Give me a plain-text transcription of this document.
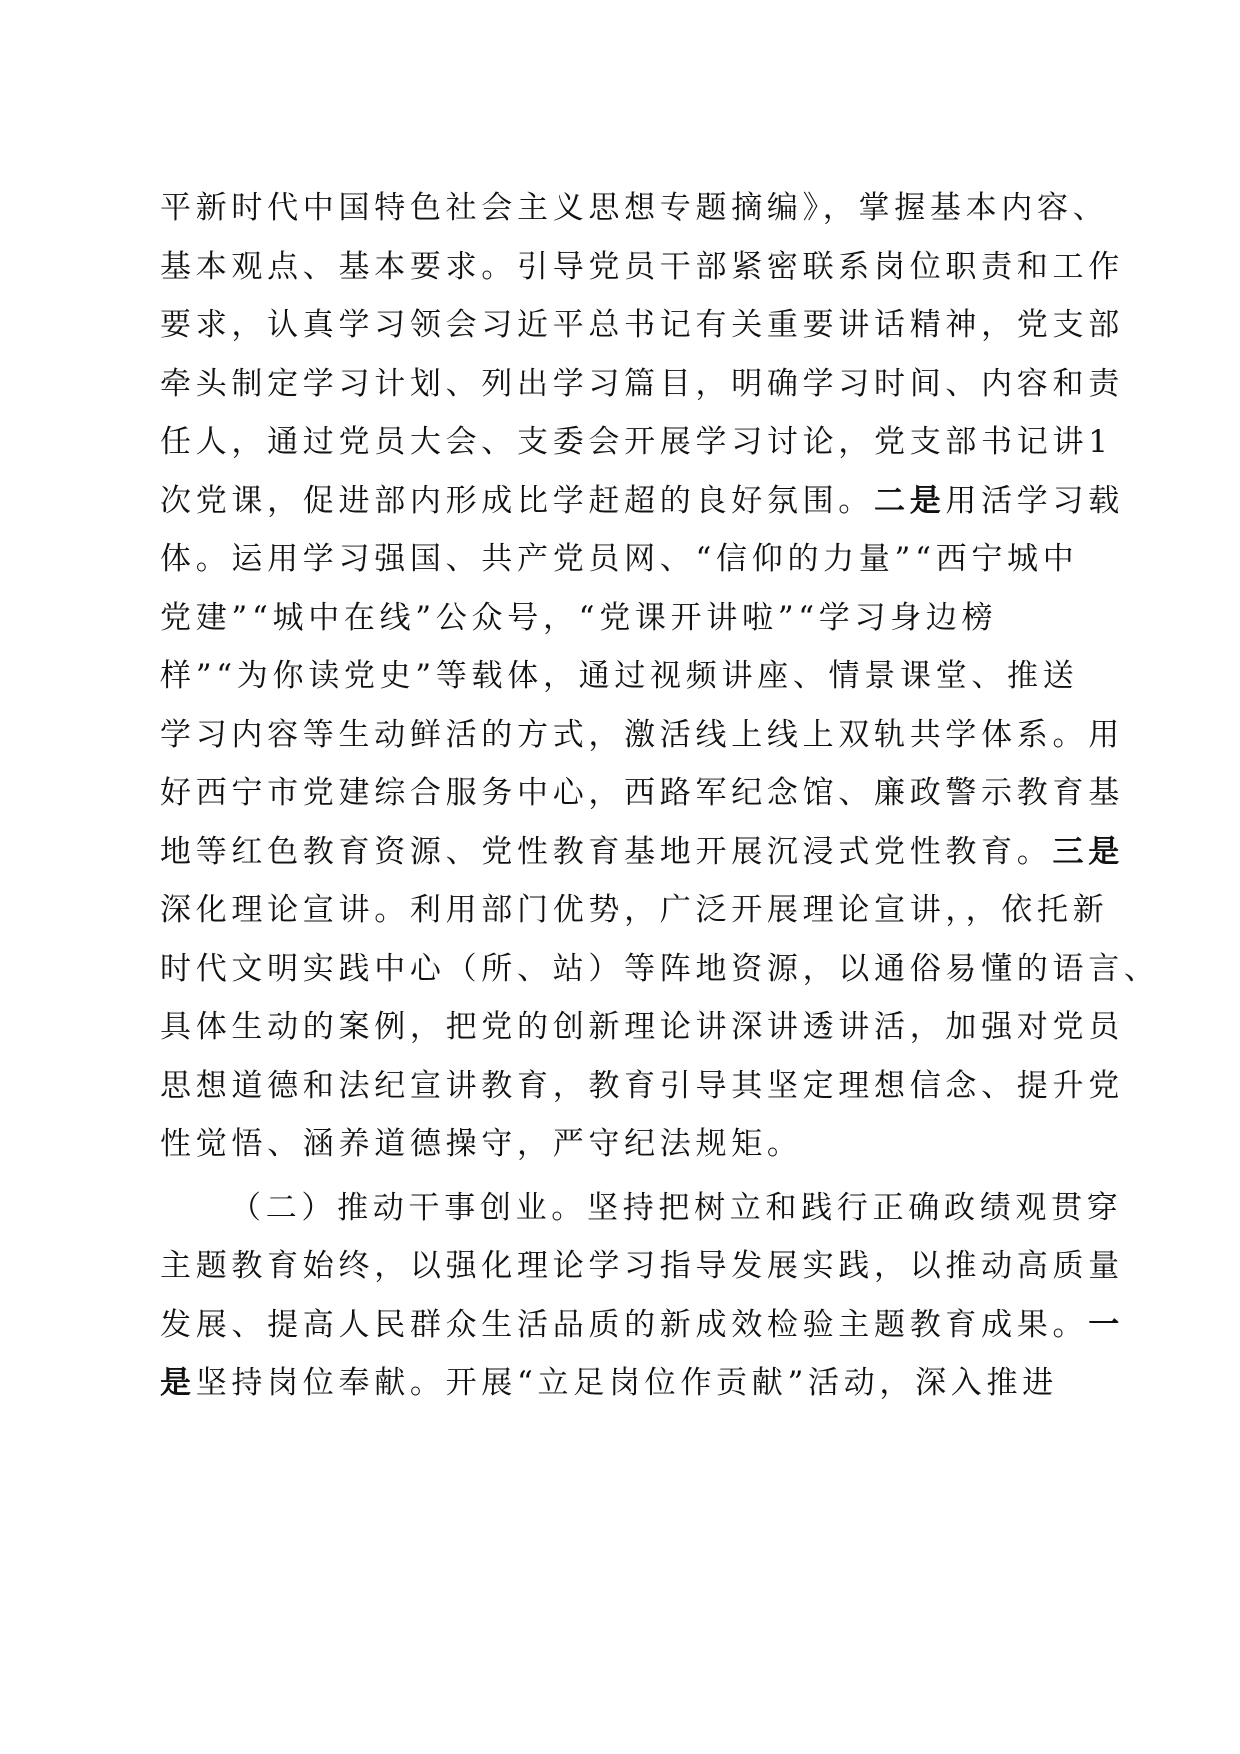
平新时代中国特色社会主义思想专题摘编》，掌握基本内容、
基本观点、基本要求。引导党员干部紧密联系岗位职责和工作
要求，认真学习领会习近平总书记有关重要讲话精神，党支部
牵头制定学习计划、列出学习篇目，明确学习时间、内容和责
任人，通过党员大会、支委会开展学习讨论，党支部书记讲1
次党课，促进部内形成比学赶超的良好氛围。二是用活学习载
体。运用学习强国、共产党员网、“信仰的力量”“西宁城中
党建”“城中在线”公众号，“党课开讲啦”“学习身边榜
样”“为你读党史”等载体，通过视频讲座、情景课堂、推送
学习内容等生动鲜活的方式，激活线上线上双轨共学体系。用
好西宁市党建综合服务中心，西路军纪念馆、廉政警示教育基
地等红色教育资源、党性教育基地开展沉浸式党性教育。三是
深化理论宣讲。利用部门优势，广泛开展理论宣讲，，依托新
时代文明实践中心（所、站）等阵地资源，以通俗易懂的语言、
具体生动的案例，把党的创新理论讲深讲透讲活，加强对党员
思想道德和法纪宣讲教育，教育引导其坚定理想信念、提升党
性觉悟、涵养道德操守，严守纪法规矩。
（二）推动干事创业。坚持把树立和践行正确政绩观贯穿
主题教育始终，以强化理论学习指导发展实践，以推动高质量
发展、提高人民群众生活品质的新成效检验主题教育成果。一
是坚持岗位奉献。开展“立足岗位作贡献”活动，深入推进
